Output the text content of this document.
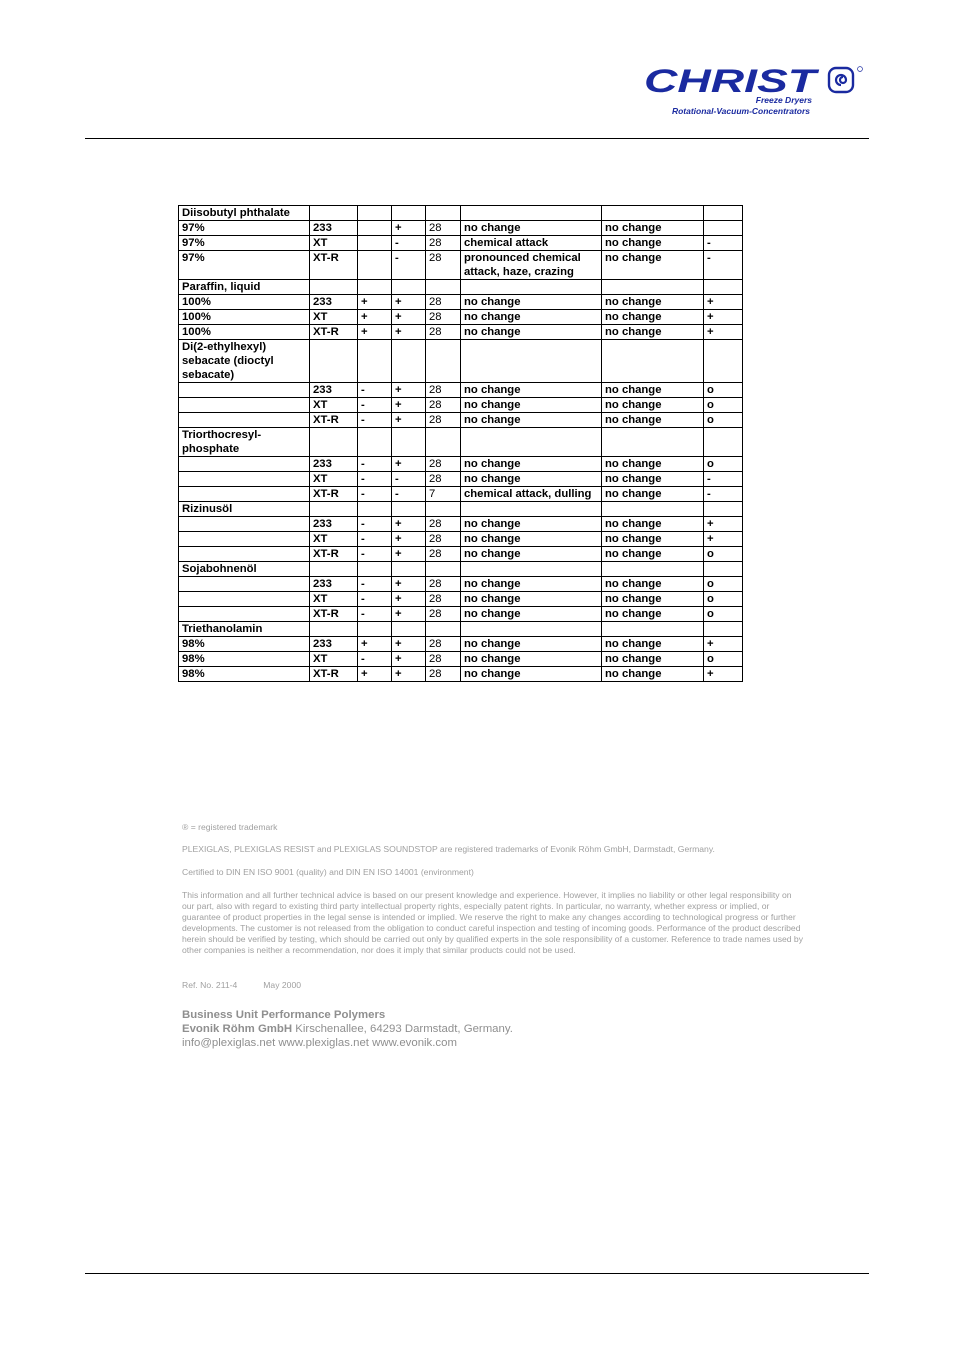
CHRIST
Freeze Dryers
Rotational-Vacuum-Concentrators
Diisobutyl phthalate							
97%	233		+	28	no change	no change	
97%	XT		-	28	chemical attack	no change	-
97%	XT-R		-	28	pronounced chemical attack, haze, crazing	no change	-
Paraffin, liquid							
100%	233	+	+	28	no change	no change	+
100%	XT	+	+	28	no change	no change	+
100%	XT-R	+	+	28	no change	no change	+
Di(2-ethylhexyl) sebacate (dioctyl sebacate)							
	233	-	+	28	no change	no change	o
	XT	-	+	28	no change	no change	o
	XT-R	-	+	28	no change	no change	o
Triorthocresyl-phosphate							
	233	-	+	28	no change	no change	o
	XT	-	-	28	no change	no change	-
	XT-R	-	-	7	chemical attack, dulling	no change	-
Rizinusöl							
	233	-	+	28	no change	no change	+
	XT	-	+	28	no change	no change	+
	XT-R	-	+	28	no change	no change	o
Sojabohnenöl							
	233	-	+	28	no change	no change	o
	XT	-	+	28	no change	no change	o
	XT-R	-	+	28	no change	no change	o
Triethanolamin							
98%	233	+	+	28	no change	no change	+
98%	XT	-	+	28	no change	no change	o
98%	XT-R	+	+	28	no change	no change	+

® = registered trademark

PLEXIGLAS, PLEXIGLAS RESIST and PLEXIGLAS SOUNDSTOP are registered trademarks of Evonik Röhm GmbH, Darmstadt, Germany.

Certified to DIN EN ISO 9001 (quality) and DIN EN ISO 14001 (environment)

This information and all further technical advice is based on our present knowledge and experience. However, it implies no liability or other legal responsibility on our part, also with regard to existing third party intellectual property rights, especially patent rights. In particular, no warranty, whether express or implied, or guarantee of product properties in the legal sense is intended or implied. We reserve the right to make any changes according to technological progress or further developments. The customer is not released from the obligation to conduct careful inspection and testing of incoming goods. Performance of the product described herein should be verified by testing, which should be carried out only by qualified experts in the sole responsibility of a customer. Reference to trade names used by other companies is neither a recommendation, nor does it imply that similar products could not be used.

Ref. No. 211-4	May 2000

Business Unit Performance Polymers

Evonik Röhm GmbH Kirschenallee, 64293 Darmstadt, Germany.

info@plexiglas.net www.plexiglas.net www.evonik.com
